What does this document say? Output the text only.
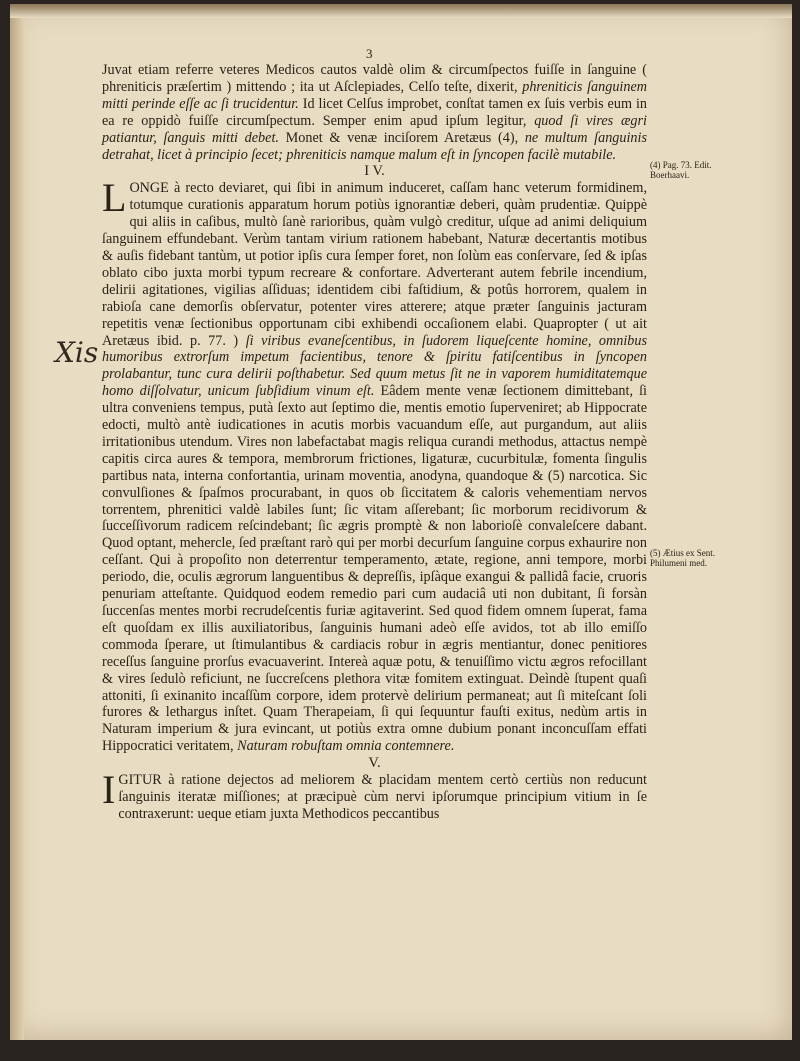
3
Xis
(4) Pag. 73. Edit. Boerhaavi.
(5) Ætius ex Sent. Philumeni med.

Juvat etiam referre veteres Medicos cautos valdè olim & circumſpectos fuiſſe in ſanguine ( phreniticis præſertim ) mittendo ; ita ut Aſclepiades, Celſo teſte, dixerit, phreniticis ſanguinem mitti perinde eſſe ac ſi trucidentur. Id licet Celſus improbet, conſtat tamen ex ſuis verbis eum in ea re oppidò fuiſſe circumſpectum. Semper enim apud ipſum legitur, quod ſi vires ægri patiantur, ſanguis mitti debet. Monet & venæ inciſorem Aretæus (4), ne multum ſanguinis detrahat, licet à principio ſecet; phreniticis namque malum eſt in ſyncopen facilè mutabile.

I V.

LONGE à recto deviaret, qui ſibi in animum induceret, caſſam hanc veterum formidinem, totumque curationis apparatum horum potiùs ignorantiæ deberi, quàm prudentiæ. Quippè qui aliis in caſibus, multò ſanè rarioribus, quàm vulgò creditur, uſque ad animi deliquium ſanguinem effundebant. Verùm tantam virium rationem habebant, Naturæ decertantis motibus & auſis fidebant tantùm, ut potior ipſis cura ſemper foret, non ſolùm eas conſervare, ſed & ipſas oblato cibo juxta morbi typum recreare & confortare. Adverterant autem febrile incendium, delirii agitationes, vigilias aſſiduas; identidem cibi faſtidium, & potûs horrorem, qualem in rabioſa cane demorſis obſervatur, potenter vires atterere; atque præter ſanguinis jacturam repetitis venæ ſectionibus opportunam cibi exhibendi occaſionem elabi. Quapropter ( ut ait Aretæus ibid. p. 77. ) ſi viribus evaneſcentibus, in ſudorem liqueſcente homine, omnibus humoribus extrorſum impetum facientibus, tenore & ſpiritu fatiſcentibus in ſyncopen prolabantur, tunc cura delirii poſthabetur. Sed quum metus ſit ne in vaporem humiditatemque homo diſſolvatur, unicum ſubſidium vinum eſt. Eâdem mente venæ ſectionem dimittebant, ſi ultra conveniens tempus, putà ſexto aut ſeptimo die, mentis emotio ſuperveniret; ab Hippocrate edocti, multò antè iudicationes in acutis morbis vacuandum eſſe, aut purgandum, aut aliis irritationibus utendum. Vires non labefactabat magis reliqua curandi methodus, attactus nempè capitis circa aures & tempora, membrorum frictiones, ligaturæ, cucurbitulæ, fomenta ſingulis partibus nata, interna confortantia, urinam moventia, anodyna, quandoque & (5) narcotica. Sic convulſiones & ſpaſmos procurabant, in quos ob ſiccitatem & caloris vehementiam nervos torrentem, phrenitici valdè labiles ſunt; ſic vitam aſſerebant; ſic morborum recidivorum & ſucceſſivorum radicem reſcindebant; ſic ægris promptè & non laborioſè convaleſcere dabant. Quod optant, mehercle, ſed præſtant rarò qui per morbi decurſum ſanguine corpus exhaurire non ceſſant. Qui à propoſito non deterrentur temperamento, ætate, regione, anni tempore, morbi periodo, die, oculis ægrorum languentibus & depreſſis, ipſàque exangui & pallidâ facie, cruoris penuriam atteſtante. Quidquod eodem remedio pari cum audaciâ uti non dubitant, ſi forsàn ſuccenſas mentes morbi recrudeſcentis furiæ agitaverint. Sed quod fidem omnem ſuperat, fama eſt quoſdam ex illis auxiliatoribus, ſanguinis humani adeò eſſe avidos, tot ab illo emiſſo commoda ſperare, ut ſtimulantibus & cardiacis robur in ægris mentiantur, donec penitiores receſſus ſanguine prorſus evacuaverint. Intereà aquæ potu, & tenuiſſimo victu ægros refocillant & vires ſedulò reficiunt, ne ſuccreſcens plethora vitæ fomitem extinguat. Deìndè ſtupent quaſi attoniti, ſi exinanito incaſſùm corpore, idem protervè delirium permaneat; aut ſi miteſcant ſoli furores & lethargus inſtet. Quam Therapeiam, ſi qui ſequuntur fauſti exitus, nedùm artis in Naturam imperium & jura evincant, ut potiùs extra omne dubium ponant inconcuſſam effati Hippocratici veritatem, Naturam robuſtam omnia contemnere.

V.

IGITUR à ratione dejectos ad meliorem & placidam mentem certò certiùs non reducunt ſanguinis iteratæ miſſiones; at præcipuè cùm nervi ipſorumque principium vitium in ſe contraxerunt: ueque etiam juxta Methodicos peccantibus
